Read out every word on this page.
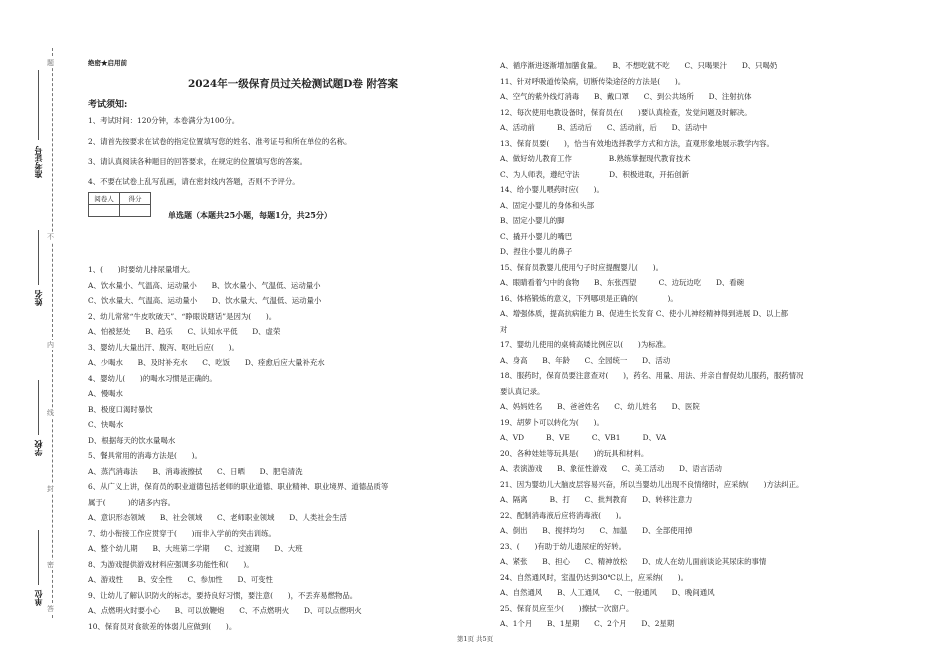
题
不
内
线
封
密
答
准考证号
姓名
学校
单位
绝密★启用前
2024年一级保育员过关检测试题D卷 附答案
考试须知:
1、考试时间：120分钟，本卷满分为100分。
2、请首先按要求在试卷的指定位置填写您的姓名、准考证号和所在单位的名称。
3、请认真阅读各种题目的回答要求，在规定的位置填写您的答案。
4、不要在试卷上乱写乱画，请在密封线内答题，否则不予评分。
阅卷人	得分

单选题（本题共25小题，每题1分，共25分）
1、(　　)时要幼儿排尿量增大。
A、饮水量小、气温高、运动量小　　B、饮水量小、气温低、运动量小
C、饮水量大、气温高、运动量小　　D、饮水量大、气温低、运动量小
2、幼儿常常“牛皮吹破天”、“睁眼说瞎话”是因为(　　)。
A、怕被惩处　　B、趋乐　　C、认知水平低　　D、虚荣
3、婴幼儿大量出汗、腹泻、呕吐后应(　　)。
A、少喝水　　B、及时补充水　　C、吃饭　　D、痊愈后应大量补充水
4、婴幼儿(　　)的喝水习惯是正确的。
A、慢喝水
B、极度口渴时暴饮
C、快喝水
D、根据每天的饮水量喝水
5、餐具常用的消毒方法是(　　)。
A、蒸汽消毒法　　B、消毒液擦拭　　C、日晒　　D、肥皂清洗
6、从广义上讲，保育员的职业道德包括老师的职业道德、职业精神、职业境界、道德品质等
属于(　　　)的诸多内容。
A、意识形态领域　　B、社会领域　　C、老师职业领域　　D、人类社会生活
7、幼小衔接工作应贯穿于(　　)而非入学前的突击训练。
A、整个幼儿期　　B、大班第二学期　　C、过渡期　　D、大班
8、为游戏提供游戏材料应强调多功能性和(　　)。
A、游戏性　　B、安全性　　C、参加性　　D、可变性
9、让幼儿了解认识防火的标志，要持良好习惯，要注意(　　)，不丢弃易燃物品。
A、点燃明火时要小心　　B、可以放鞭炮　　C、不点燃明火　　D、可以点燃明火
10、保育员对食欲差的体弱儿应做到(　　)。
A、循序渐进逐渐增加膳食量。　　B、不想吃就不吃　　C、只喝果汁　　D、只喝奶
11、针对呼吸道传染病，切断传染途径的方法是(　　)。
A、空气的紫外线灯消毒　　B、戴口罩　　C、到公共场所　　D、注射抗体
12、每次使用电教设备时，保育员在(　　)要认真检查，发觉问题及时解决。
A、活动前　　　B、活动后　　C、活动前，后　　D、活动中
13、保育员要(　　)，恰当有效地选择教学方式和方法，直观形象地展示教学内容。
A、做好幼儿教育工作　　　　　B.熟练掌握现代教育技术
C、为人师表，遵纪守法　　　　D、积极进取，开拓创新
14、给小婴儿喂药时应(　　)。
A、固定小婴儿的身体和头部
B、固定小婴儿的脚
C、撬开小婴儿的嘴巴
D、捏住小婴儿的鼻子
15、保育员教婴儿使用勺子时应提醒婴儿(　　)。
A、眼睛看着勺中的食物　　B、东张西望　　　C、边玩边吃　　D、看碗
16、体格锻炼的意义，下列哪项是正确的(　　　　)。
A、增强体质，提高抗病能力 B、促进生长发育 C、使小儿神经精神得到进展 D、以上都
对
17、婴幼儿使用的桌椅高矮比例应以(　　)为标准。
A、身高　　B、年龄　　C、全园统一　　D、活动
18、服药时，保育员要注意查对(　　)，药名、用量、用法、并亲自督促幼儿服药，服药情况
要认真记录。
A、妈妈姓名　　B、爸爸姓名　　C、幼儿姓名　　D、医院
19、胡萝卜可以转化为(　　)。
A、VD　　　B、VE　　　C、VB1　　　D、VA
20、各种娃娃等玩具是(　　)的玩具和材料。
A、表演游戏　　B、象征性游戏　　C、美工活动　　D、语言活动
21、因为婴幼儿大脑皮层容易兴奋，所以当婴幼儿出现不良情绪时，应采纳(　　)方法纠正。
A、隔离　　　B、打　　C、批判教育　　D、转移注意力
22、配制消毒液后应将消毒液(　　)。
A、倒出　　B、搅拌均匀　　C、加温　　D、全部使用掉
23、(　　)有助于幼儿遗尿症的好转。
A、紧张　　B、担心　　C、精神放松　　D、成人在幼儿面前谈论其尿床的事情
24、自然通风时，室温仍达到30℃以上，应采纳(　　)。
A、自然通风　　B、人工通风　　C、一般通风　　D、晚间通风
25、保育员应至少(　　)擦拭一次窗户。
A、1个月　　B、1星期　　C、2个月　　D、2星期
第1页 共5页
